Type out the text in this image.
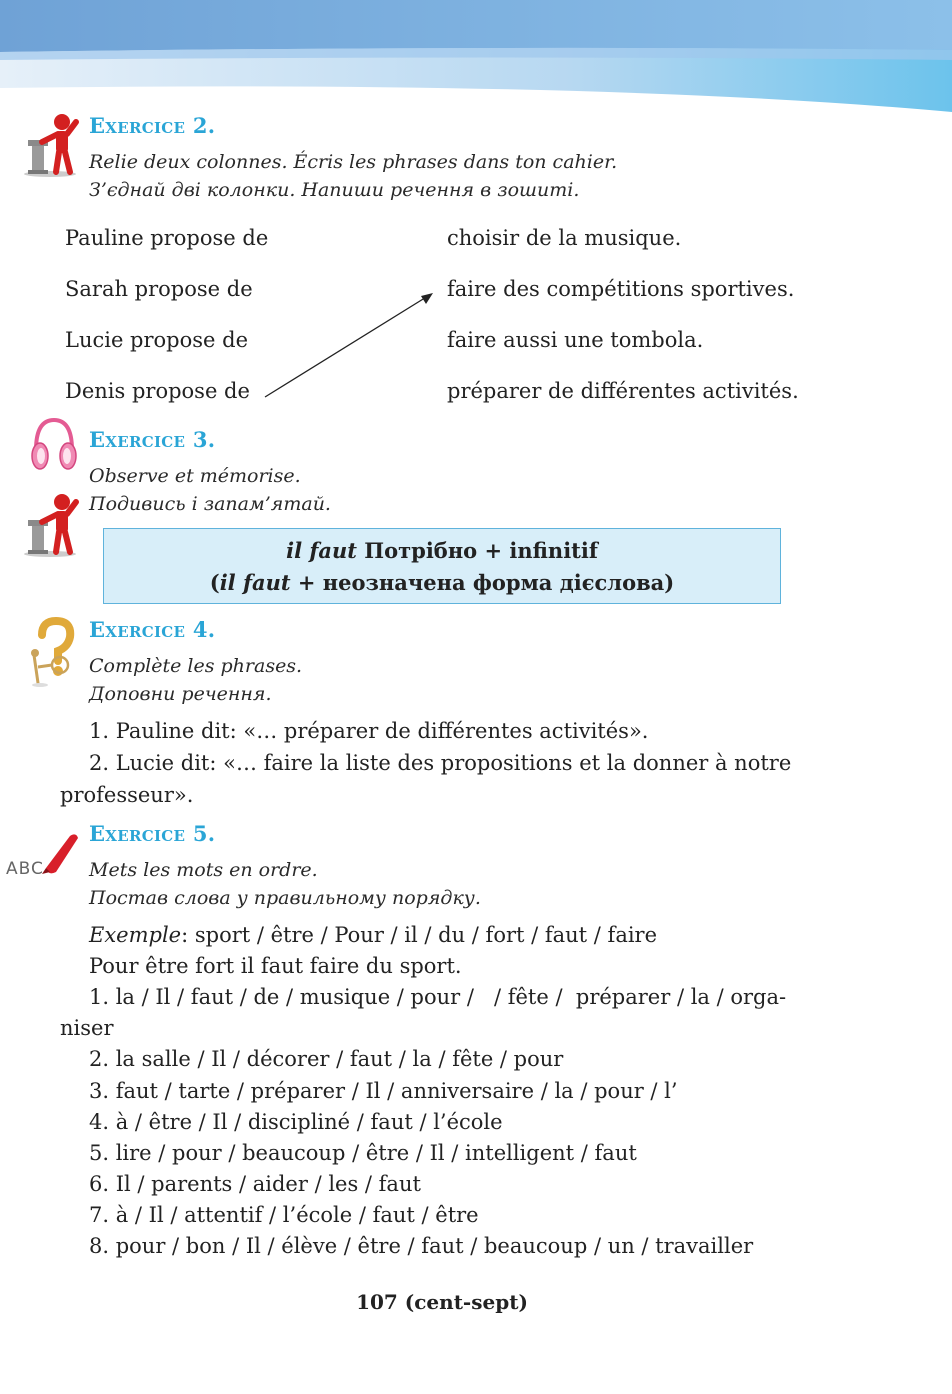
Exercice 2.
Relie deux colonnes. Écris les phrases dans ton cahier.
З’єднай дві колонки. Напиши речення в зошиті.
Pauline propose de
Sarah propose de
Lucie propose de
Denis propose de
choisir de la musique.
faire des compétitions sportives.
faire aussi une tombola.
préparer de différentes activités.
Exercice 3.
Observe et mémorise.
Подивись і запам’ятай.
il faut Потрібно + infinitif
(il faut + неозначена форма дієслова)
Exercice 4.
Complète les phrases.
Доповни речення.
1. Pauline dit: «… préparer de différentes activités».
2. Lucie dit: «… faire la liste des propositions et la donner à notre
professeur».
ABC
Exercice 5.
Mets les mots en ordre.
Постав слова у правильному порядку.
Exemple: sport / être / Pour / il / du / fort / faut / faire
Pour être fort il faut faire du sport.
1. la / Il / faut / de / musique / pour /   / fête /  préparer / la / orga-
niser
2. la salle / Il / décorer / faut / la / fête / pour
3. faut / tarte / préparer / Il / anniversaire / la / pour / l’
4. à / être / Il / discipliné / faut / l’école
5. lire / pour / beaucoup / être / Il / intelligent / faut
6. Il / parents / aider / les / faut
7. à / Il / attentif / l’école / faut / être
8. pour / bon / Il / élève / être / faut / beaucoup / un / travailler
107 (cent-sept)
